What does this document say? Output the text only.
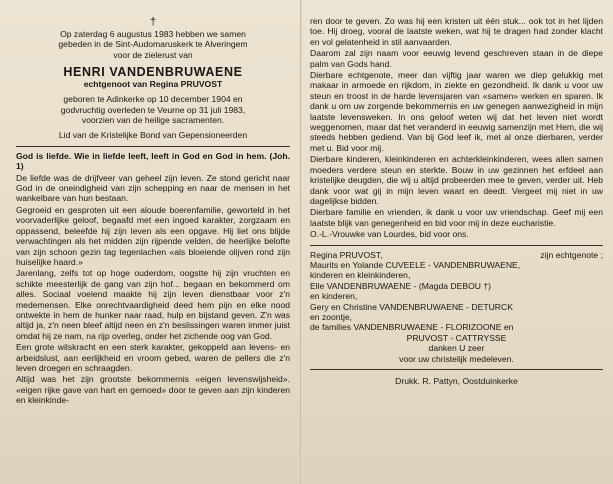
†
Op zaterdag 6 augustus 1983 hebben we samen
gebeden in de Sint-Audomaruskerk te Alveringem
voor de zielerust van
HENRI VANDENBRUWAENE
echtgenoot van Regina PRUVOST
geboren te Adinkerke op 10 december 1904 en
godvruchtig overleden te Veurne op 31 juli 1983,
voorzien van de heilige sacramenten.
Lid van de Kristelijke Bond van Gepensioneerden
God is liefde. Wie in liefde leeft, leeft in God en God in hem. (Joh. 1)
De liefde was de drijfveer van geheel zijn leven. Ze stond gericht naar God in de oneindigheid van zijn schepping en naar de mensen in het wankelbare van hun bestaan.
Gegroeid en gesproten uit een aloude boerenfamilie, geworteld in het voorvaderlijke geloof, begaafd met een ingoed karakter, zorgzaam en oppassend, beleefde hij zijn leven als een opgave. Hij liet ons blijde verwachtingen als het midden zijn rijpende velden, de heerlijke belofte van zijn schoon gezin tag tegenlachen «als bloeiende olijven rond zijn huiselijke haard.»
Jarenlang, zelfs tot op hoge ouderdom, oogstte hij zijn vruchten en schikte meesterlijk de gang van zijn hof... begaan en bekommerd om alles. Sociaal voelend maakte hij zijn leven dienstbaar voor z'n medemensen. Elke onrechtvaardigheid deed hem pijn en elke nood ontwekte in hem de hunker naar raad, hulp en bijstand geven. Z'n was altijd ja, z'n neen bleef altijd neen en z'n beslissingen waren immer juist omdat hij ze nam, na rijp overleg, onder het zichende oog van God.
Een grote wilskracht en een sterk karakter, gekoppeld aan levens- en arbeidslust, aan eerlijkheid en vroom gebed, waren de pellers die z'n leven droegen en schraagden.
Altijd was het zijn grootste bekommernis «eigen levenswijsheid». «eigen rijke gave van hart en gemoed» door te geven aan zijn kinderen en kleinkinde-
ren door te geven. Zo was hij een kristen uit één stuk... ook tot in het lijden toe. Hij droeg, vooral de laatste weken, wat hij te dragen had zonder klacht en vol gelatenheid in stil aanvaarden.
Daarom zal zijn naam voor eeuwig levend geschreven staan in de diepe palm van Gods hand.
Dierbare echtgenote, meer dan vijftig jaar waren we diep gelukkig met makaar in armoede en rijkdom, in ziekte en gezondheid. Ik dank u voor uw steun en troost in de harde levensjaren van «samen» werken en sparen. Ik dank u om uw zorgende bekommernis en uw genegen aanwezigheid in mijn laatste levensweken. In ons geloof weten wij dat het leven niet wordt weggenomen, maar dat het veranderd in eeuwig samenzijn met Hem, die wij steeds hebben gediend. Van bij God leef ik, met al onze dierbaren, verder met u. Bid voor mij.
Dierbare kinderen, kleinkinderen en achterkleinkinderen, wees allen samen moeders verdere steun en sterkte. Bouw in uw gezinnen het erfdeel aan kristelijke deugden, die wij u altijd probeerden mee te geven, verder uit. Heb dank voor wat gij in mijn leven waart en deedt. Vergeet mij niet in uw dagelijkse bidden.
Dierbare familie en vrienden, ik dank u voor uw vriendschap. Geef mij een laatste blijk van genegenheid en bid voor mij in deze eucharistie.
O.-L.-Vrouwke van Lourdes, bid voor ons.
Regina PRUVOST,	zijn echtgenote ;
Maurits en Yolande CUVEELE - VANDENBRUWAENE,
kinderen en kleinkinderen,
Elle VANDENBRUWAENE - (Magda DEBOU †)
en kinderen,
Gery en Christine VANDENBRUWAENE - DETURCK
en zoontje,
de families VANDENBRUWAENE - FLORIZOONE en
PRUVOST - CATTRYSSE
danken U zeer
voor uw christelijk medeleven.
Drukk. R. Pattyn, Oostduinkerke
